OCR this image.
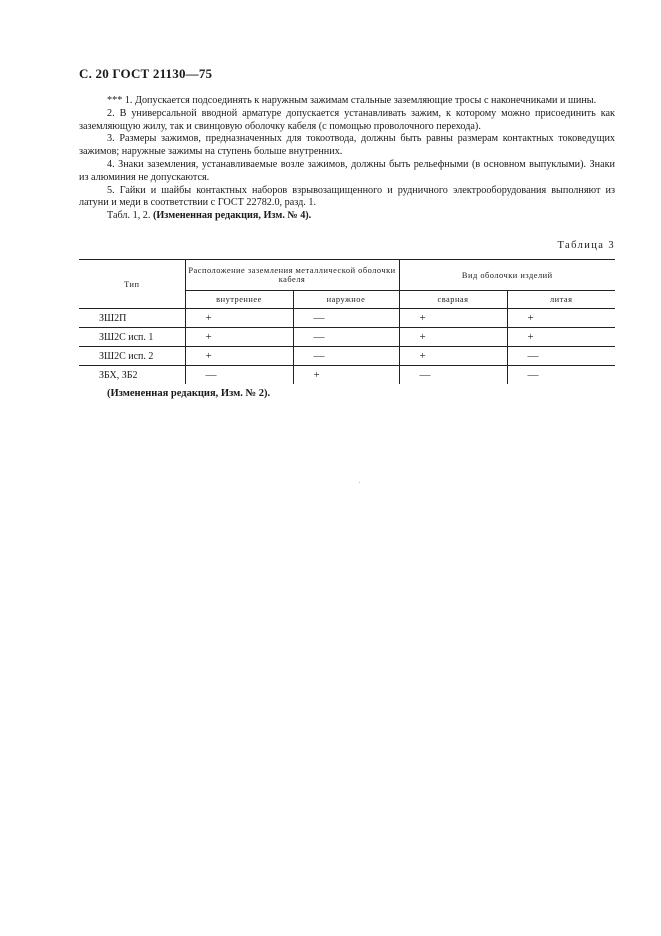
С. 20 ГОСТ 21130—75

*** 1. Допускается подсоединять к наружным зажимам стальные заземляющие тросы с наконечниками и шины.

2. В универсальной вводной арматуре допускается устанавливать зажим, к которому можно присоединить как заземляющую жилу, так и свинцовую оболочку кабеля (с помощью проволочного перехода).

3. Размеры зажимов, предназначенных для токоотвода, должны быть равны размерам контактных токоведущих зажимов; наружные зажимы на ступень больше внутренних.

4. Знаки заземления, устанавливаемые возле зажимов, должны быть рельефными (в основном выпуклыми). Знаки из алюминия не допускаются.

5. Гайки и шайбы контактных наборов взрывозащищенного и рудничного электрооборудования выполняют из латуни и меди в соответствии с ГОСТ 22782.0, разд. 1.

Табл. 1, 2. (Измененная редакция, Изм. № 4).
Таблица 3
Тип	Расположение заземления металлической оболочки кабеля		Вид оболочки изделий	
	внутреннее	наружное	сварная	литая
ЗШ2П	+	—	+	+
ЗШ2С исп. 1	+	—	+	+
ЗШ2С исп. 2	+	—	+	—
ЗБХ, ЗБ2	—	+	—	—
(Измененная редакция, Изм. № 2).
